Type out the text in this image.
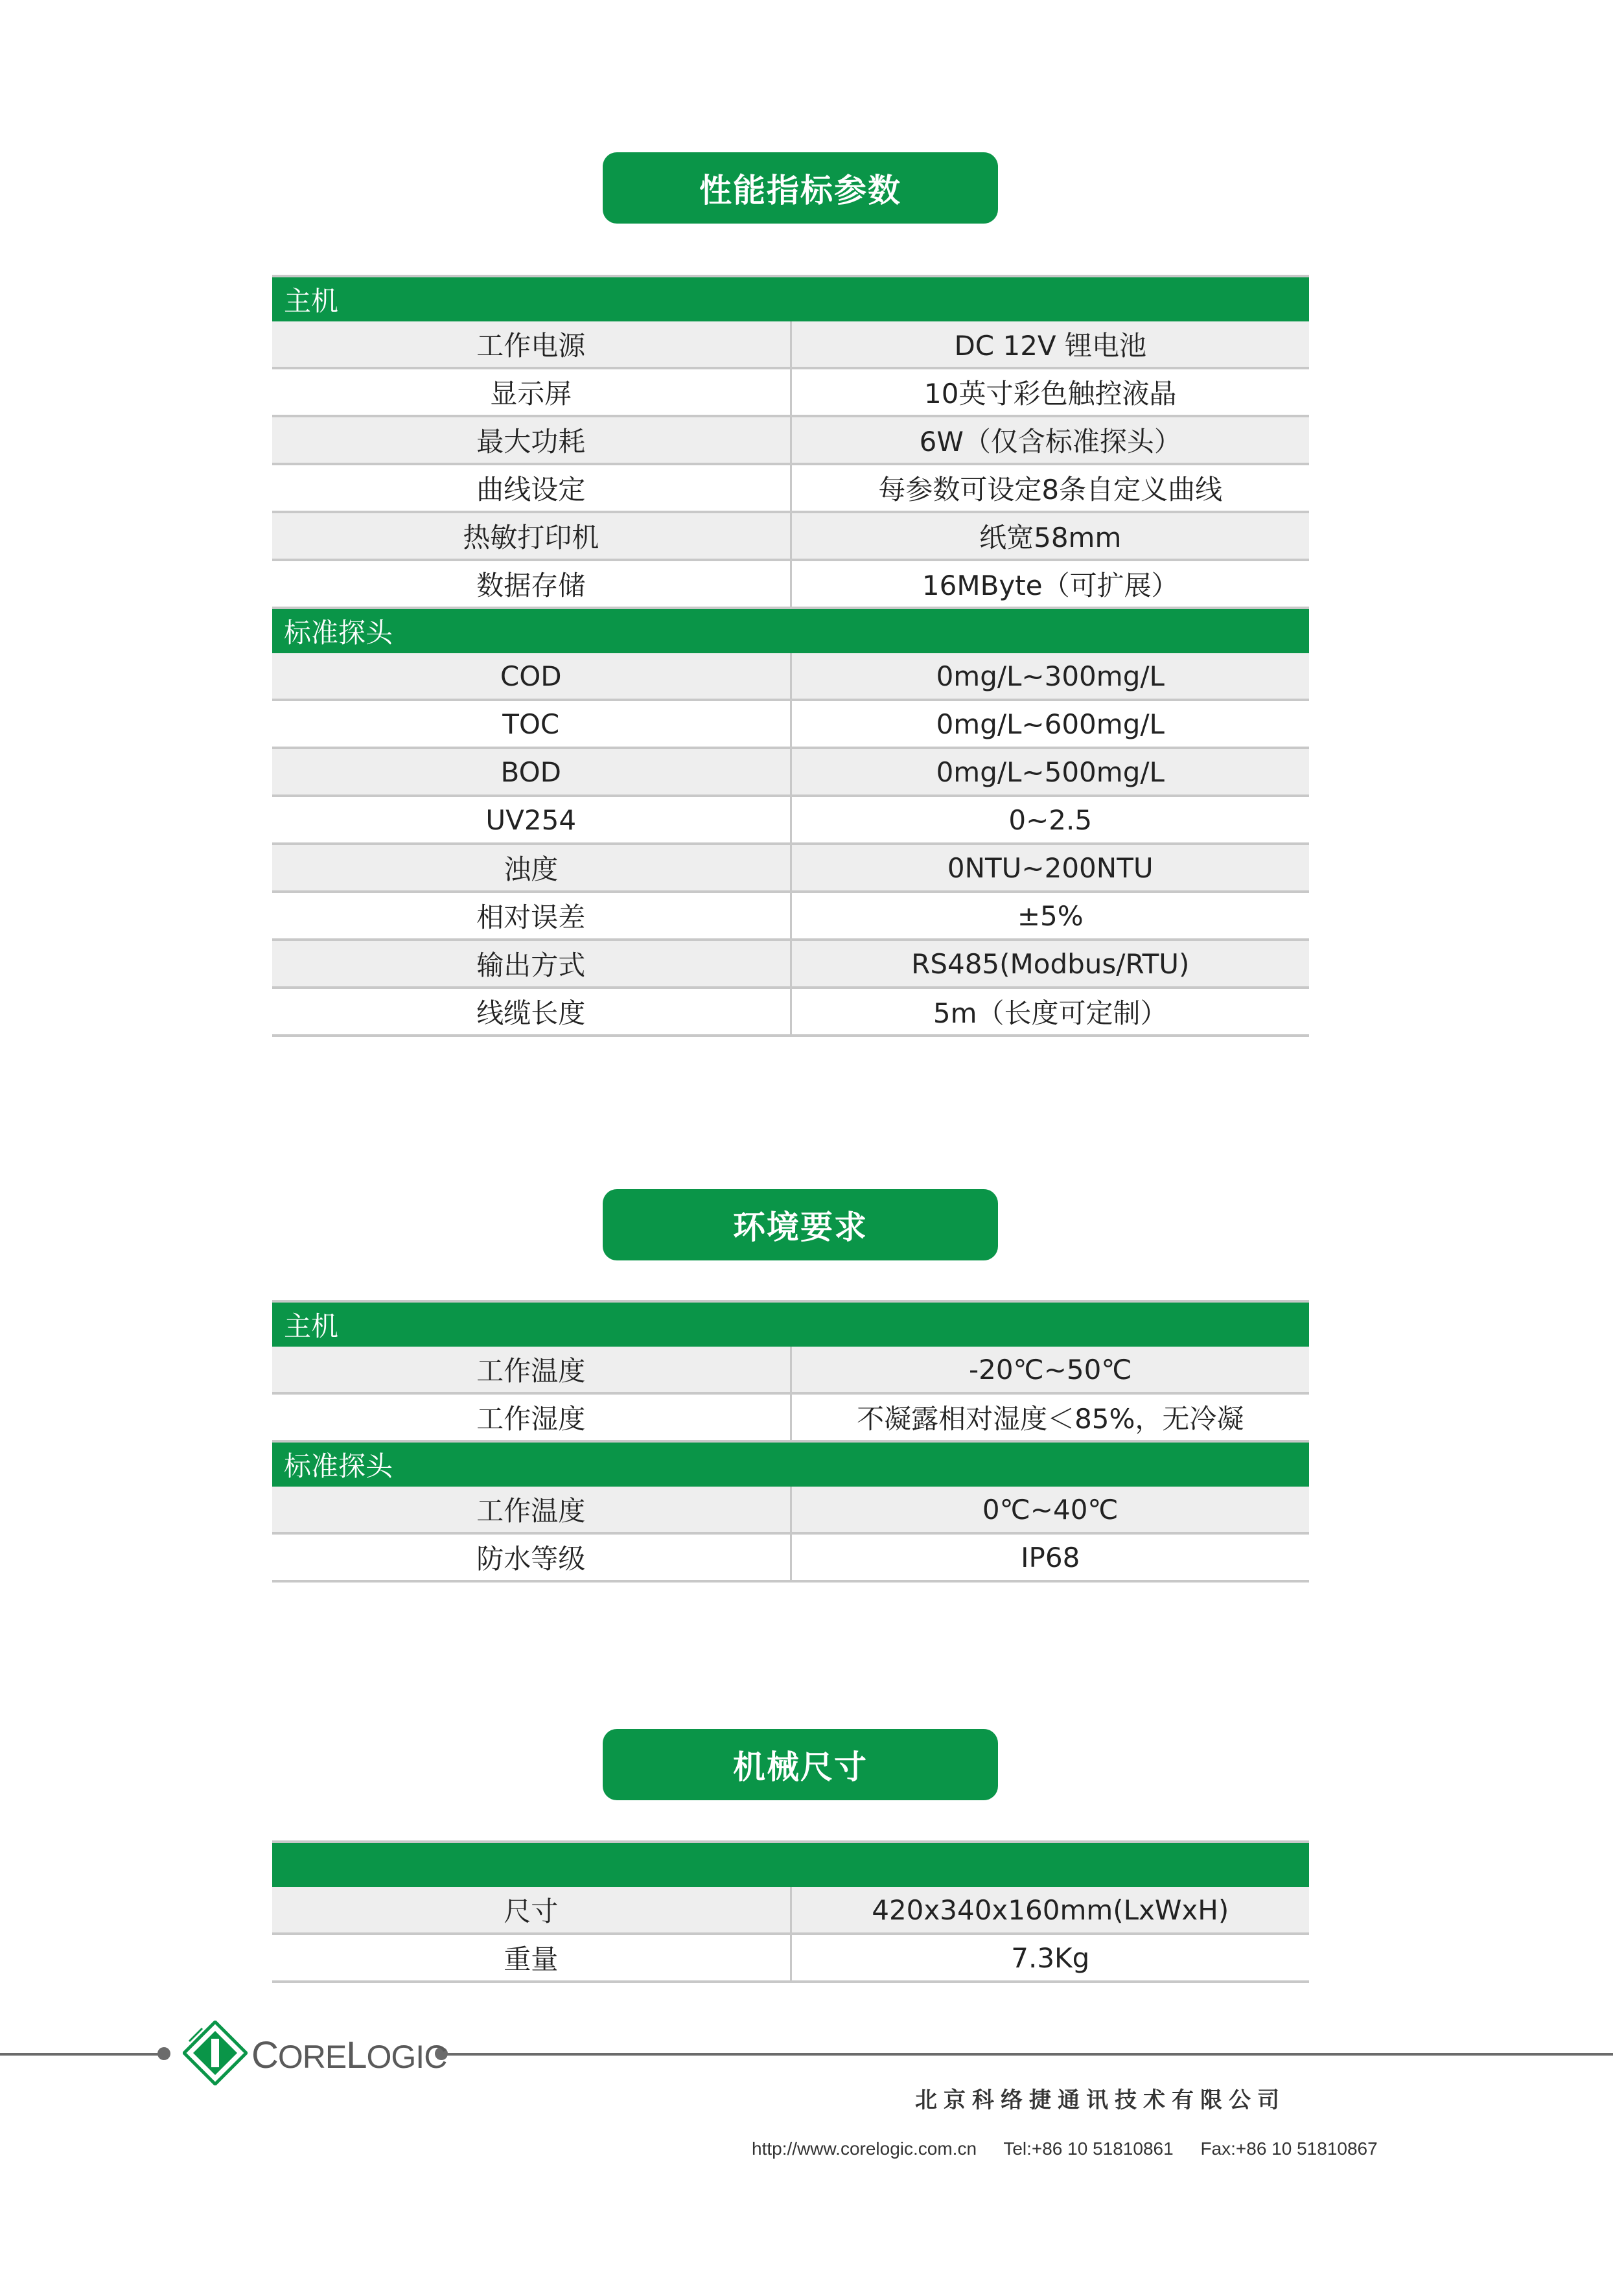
性能指标参数
主机	
工作电源	DC 12V 锂电池
显示屏	10英寸彩色触控液晶
最大功耗	6W（仅含标准探头）
曲线设定	每参数可设定8条自定义曲线
热敏打印机	纸宽58mm
数据存储	16MByte（可扩展）
标准探头	
COD	0mg/L~300mg/L
TOC	0mg/L~600mg/L
BOD	0mg/L~500mg/L
UV254	0~2.5
浊度	0NTU~200NTU
相对误差	±5%
输出方式	RS485(Modbus/RTU)
线缆长度	5m（长度可定制）
环境要求
主机	
工作温度	-20℃~50℃
工作湿度	不凝露相对湿度＜85%，无冷凝
标准探头	
工作温度	0℃~40℃
防水等级	IP68
机械尺寸

尺寸	420x340x160mm(LxWxH)
重量	7.3Kg
CORELOGIC
北京科络捷通讯技术有限公司
http://www.corelogic.com.cn Tel:+86 10 51810861 Fax:+86 10 51810867
